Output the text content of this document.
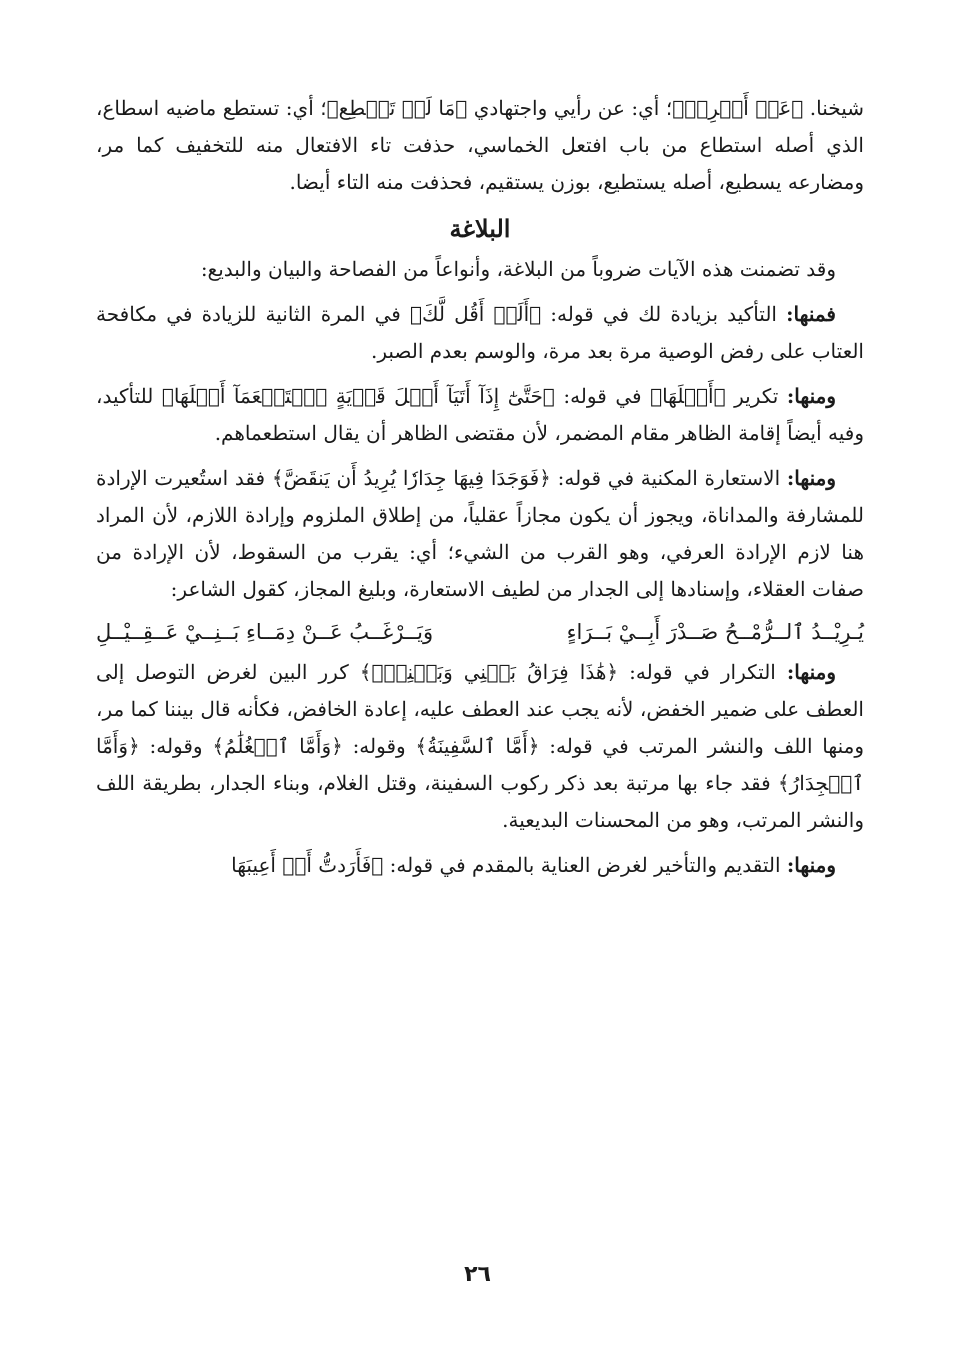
شيخنا. ﴿عَنۡ أَمۡرِيۚ﴾؛ أي: عن رأيي واجتهادي ﴿مَا لَمۡ تَسۡطِع﴾؛ أي: تستطع ماضيه اسطاع، الذي أصله استطاع من باب افتعل الخماسي، حذفت تاء الافتعال منه للتخفيف كما مر، ومضارعه يسطيع، أصله يستطيع، بوزن يستقيم، فحذفت منه التاء أيضا.

البلاغة

وقد تضمنت هذه الآيات ضروباً من البلاغة، وأنواعاً من الفصاحة والبيان والبديع:

فمنها: التأكيد بزيادة لك في قوله: ﴿أَلَمۡ أَقُل لَّكَ﴾ في المرة الثانية للزيادة في مكافحة العتاب على رفض الوصية مرة بعد مرة، والوسم بعدم الصبر.

ومنها: تكرير ﴿أَهۡلَهَا﴾ في قوله: ﴿حَتَّىٰٓ إِذَآ أَتَيَآ أَهۡلَ قَرۡيَةٍ ٱسۡتَطۡعَمَآ أَهۡلَهَا﴾ للتأكيد، وفيه أيضاً إقامة الظاهر مقام المضمر، لأن مقتضى الظاهر أن يقال استطعماهم.

ومنها: الاستعارة المكنية في قوله: ﴿فَوَجَدَا فِيهَا جِدَارٗا يُرِيدُ أَن يَنقَضَّ﴾ فقد استُعيرت الإرادة للمشارفة والمداناة، ويجوز أن يكون مجازاً عقلياً، من إطلاق الملزوم وإرادة اللازم، لأن المراد هنا لازم الإرادة العرفي، وهو القرب من الشيء؛ أي: يقرب من السقوط، لأن الإرادة من صفات العقلاء، وإسنادها إلى الجدار من لطيف الاستعارة، وبليغ المجاز، كقول الشاعر:

يُـرِيْــدُ ٱلــرُّمْــحُ صَــدْرَ أَبِــيْ بَــرَاءٍ
وَيَــرْغَــبُ عَــنْ دِمَــاءِ بَــنِــيْ عَــقِــيْــلِ

ومنها: التكرار في قوله: ﴿هَٰذَا فِرَاقُ بَيۡنِي وَبَيۡنِكَۚ﴾ كرر البين لغرض التوصل إلى العطف على ضمير الخفض، لأنه يجب عند العطف عليه، إعادة الخافض، فكأنه قال بيننا كما مر، ومنها اللف والنشر المرتب في قوله: ﴿أَمَّا ٱلسَّفِينَةُ﴾ وقوله: ﴿وَأَمَّا ٱلۡغُلَٰمُ﴾ وقوله: ﴿وَأَمَّا ٱلۡجِدَارُ﴾ فقد جاء بها مرتبة بعد ذكر ركوب السفينة، وقتل الغلام، وبناء الجدار، بطريقة اللف والنشر المرتب، وهو من المحسنات البديعية.

ومنها: التقديم والتأخير لغرض العناية بالمقدم في قوله: ﴿فَأَرَدتُّ أَنۡ أَعِيبَهَا

٢٦
